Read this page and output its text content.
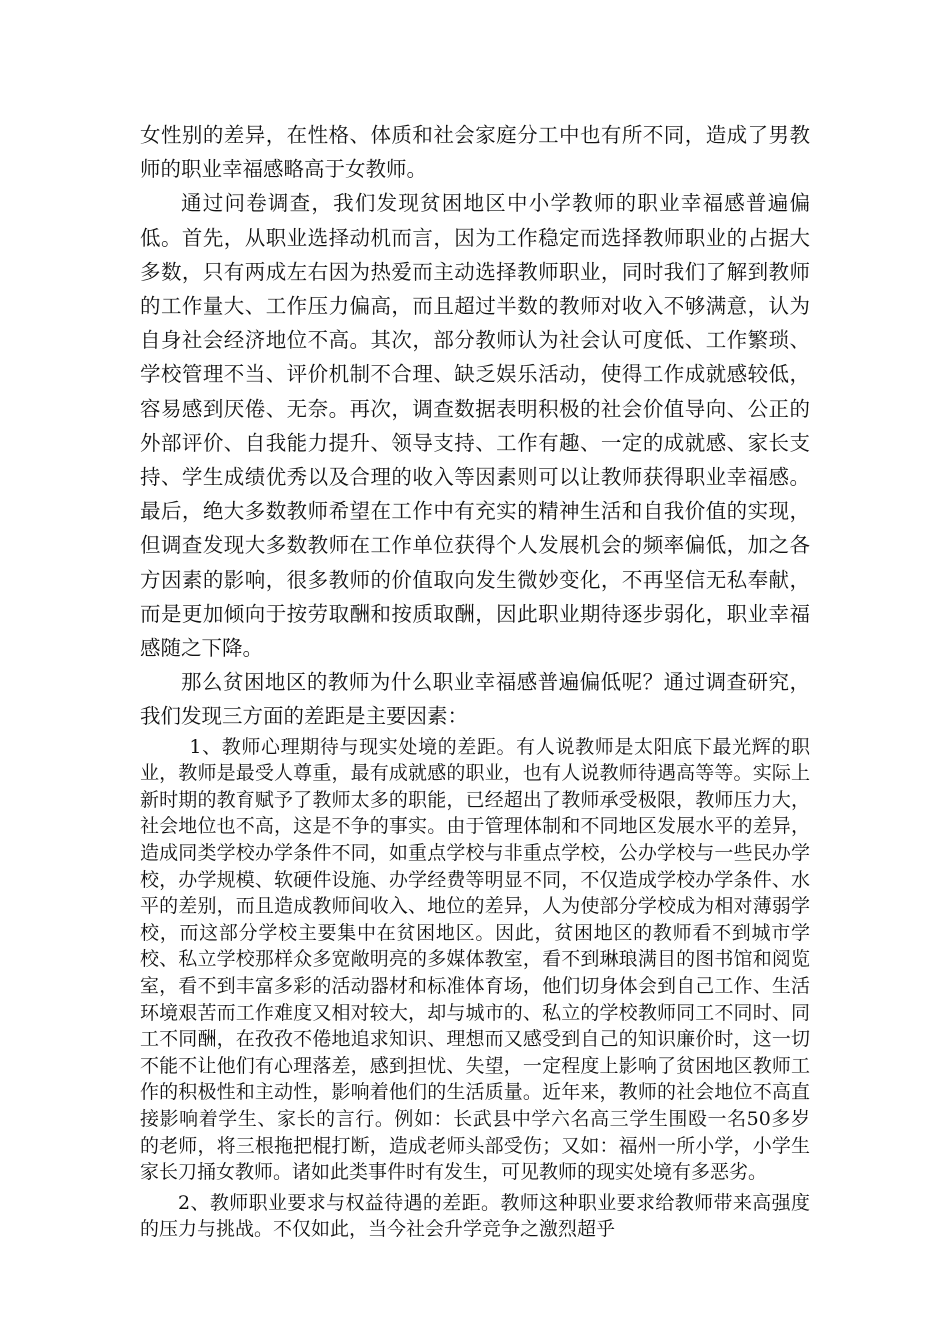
女性别的差异，在性格、体质和社会家庭分工中也有所不同，造成了男教师的职业幸福感略高于女教师。

通过问卷调查，我们发现贫困地区中小学教师的职业幸福感普遍偏低。首先，从职业选择动机而言，因为工作稳定而选择教师职业的占据大多数，只有两成左右因为热爱而主动选择教师职业，同时我们了解到教师的工作量大、工作压力偏高，而且超过半数的教师对收入不够满意，认为自身社会经济地位不高。其次，部分教师认为社会认可度低、工作繁琐、学校管理不当、评价机制不合理、缺乏娱乐活动，使得工作成就感较低，容易感到厌倦、无奈。再次，调查数据表明积极的社会价值导向、公正的外部评价、自我能力提升、领导支持、工作有趣、一定的成就感、家长支持、学生成绩优秀以及合理的收入等因素则可以让教师获得职业幸福感。最后，绝大多数教师希望在工作中有充实的精神生活和自我价值的实现，但调查发现大多数教师在工作单位获得个人发展机会的频率偏低，加之各方因素的影响，很多教师的价值取向发生微妙变化，不再坚信无私奉献，而是更加倾向于按劳取酬和按质取酬，因此职业期待逐步弱化，职业幸福感随之下降。

那么贫困地区的教师为什么职业幸福感普遍偏低呢？通过调查研究，我们发现三方面的差距是主要因素：

1、教师心理期待与现实处境的差距。有人说教师是太阳底下最光辉的职业，教师是最受人尊重，最有成就感的职业，也有人说教师待遇高等等。实际上新时期的教育赋予了教师太多的职能，已经超出了教师承受极限，教师压力大，社会地位也不高，这是不争的事实。由于管理体制和不同地区发展水平的差异，造成同类学校办学条件不同，如重点学校与非重点学校，公办学校与一些民办学校，办学规模、软硬件设施、办学经费等明显不同，不仅造成学校办学条件、水平的差别，而且造成教师间收入、地位的差异，人为使部分学校成为相对薄弱学校，而这部分学校主要集中在贫困地区。因此，贫困地区的教师看不到城市学校、私立学校那样众多宽敞明亮的多媒体教室，看不到琳琅满目的图书馆和阅览室，看不到丰富多彩的活动器材和标准体育场，他们切身体会到自己工作、生活环境艰苦而工作难度又相对较大，却与城市的、私立的学校教师同工不同时、同工不同酬，在孜孜不倦地追求知识、理想而又感受到自己的知识廉价时，这一切不能不让他们有心理落差，感到担忧、失望，一定程度上影响了贫困地区教师工作的积极性和主动性，影响着他们的生活质量。近年来，教师的社会地位不高直接影响着学生、家长的言行。例如：长武县中学六名高三学生围殴一名50多岁的老师，将三根拖把棍打断，造成老师头部受伤；又如：福州一所小学，小学生家长刀捅女教师。诸如此类事件时有发生，可见教师的现实处境有多恶劣。

2、教师职业要求与权益待遇的差距。教师这种职业要求给教师带来高强度的压力与挑战。不仅如此，当今社会升学竞争之激烈超乎
